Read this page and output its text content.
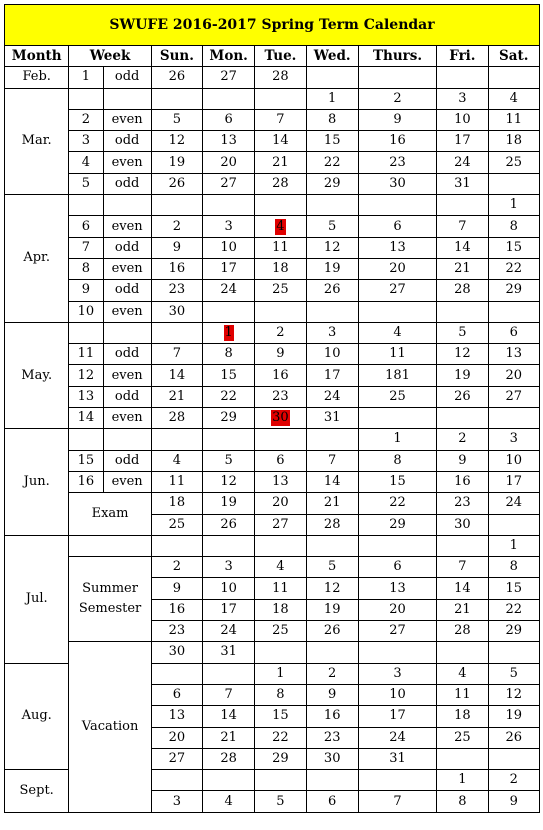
SWUFE 2016-2017 Spring Term Calendar									
Month	Week		Sun.	Mon.	Tue.	Wed.	Thurs.	Fri.	Sat.
Feb.	1	odd	26	27	28				
Mar.						1	2	3	4
	2	even	5	6	7	8	9	10	11
	3	odd	12	13	14	15	16	17	18
	4	even	19	20	21	22	23	24	25
	5	odd	26	27	28	29	30	31	
Apr.									1
	6	even	2	3	4	5	6	7	8
	7	odd	9	10	11	12	13	14	15
	8	even	16	17	18	19	20	21	22
	9	odd	23	24	25	26	27	28	29
	10	even	30						
May.				1	2	3	4	5	6
	11	odd	7	8	9	10	11	12	13
	12	even	14	15	16	17	181	19	20
	13	odd	21	22	23	24	25	26	27
	14	even	28	29	30	31			
Jun.							1	2	3
	15	odd	4	5	6	7	8	9	10
	16	even	11	12	13	14	15	16	17
	Exam		18	19	20	21	22	23	24
			25	26	27	28	29	30	
Jul.									1
	Summer Semester		2	3	4	5	6	7	8
			9	10	11	12	13	14	15
			16	17	18	19	20	21	22
			23	24	25	26	27	28	29
	Vacation		30	31					
Aug.					1	2	3	4	5
			6	7	8	9	10	11	12
			13	14	15	16	17	18	19
			20	21	22	23	24	25	26
			27	28	29	30	31		
Sept.								1	2
			3	4	5	6	7	8	9
